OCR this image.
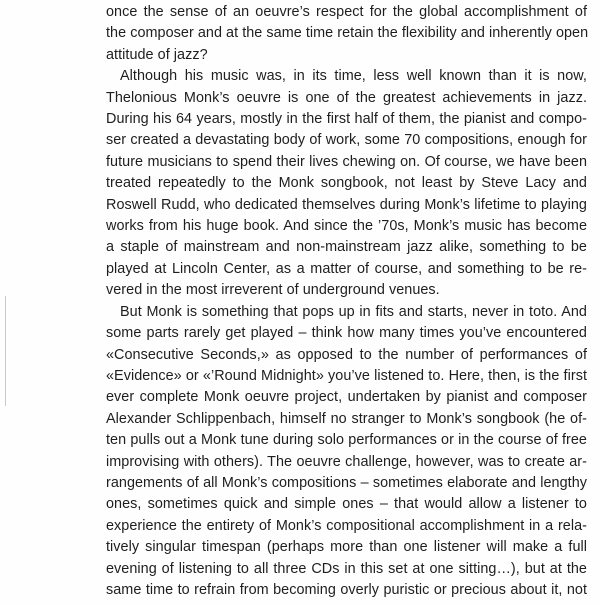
once the sense of an oeuvre’s respect for the global accomplishment of
the composer and at the same time retain the flexibility and inherently open
attitude of jazz?
Although his music was, in its time, less well known than it is now,
Thelonious Monk’s oeuvre is one of the greatest achievements in jazz.
During his 64 years, mostly in the first half of them, the pianist and compo-
ser created a devastating body of work, some 70 compositions, enough for
future musicians to spend their lives chewing on. Of course, we have been
treated repeatedly to the Monk songbook, not least by Steve Lacy and
Roswell Rudd, who dedicated themselves during Monk’s lifetime to playing
works from his huge book. And since the ’70s, Monk’s music has become
a staple of mainstream and non-mainstream jazz alike, something to be
played at Lincoln Center, as a matter of course, and something to be re-
vered in the most irreverent of underground venues.
But Monk is something that pops up in fits and starts, never in toto. And
some parts rarely get played – think how many times you’ve encountered
«Consecutive Seconds,» as opposed to the number of performances of
«Evidence» or «’Round Midnight» you’ve listened to. Here, then, is the first
ever complete Monk oeuvre project, undertaken by pianist and composer
Alexander Schlippenbach, himself no stranger to Monk’s songbook (he of-
ten pulls out a Monk tune during solo performances or in the course of free
improvising with others). The oeuvre challenge, however, was to create ar-
rangements of all Monk’s compositions – sometimes elaborate and lengthy
ones, sometimes quick and simple ones – that would allow a listener to
experience the entirety of Monk’s compositional accomplishment in a rela-
tively singular timespan (perhaps more than one listener will make a full
evening of listening to all three CDs in this set at one sitting…), but at the
same time to refrain from becoming overly puristic or precious about it, not
